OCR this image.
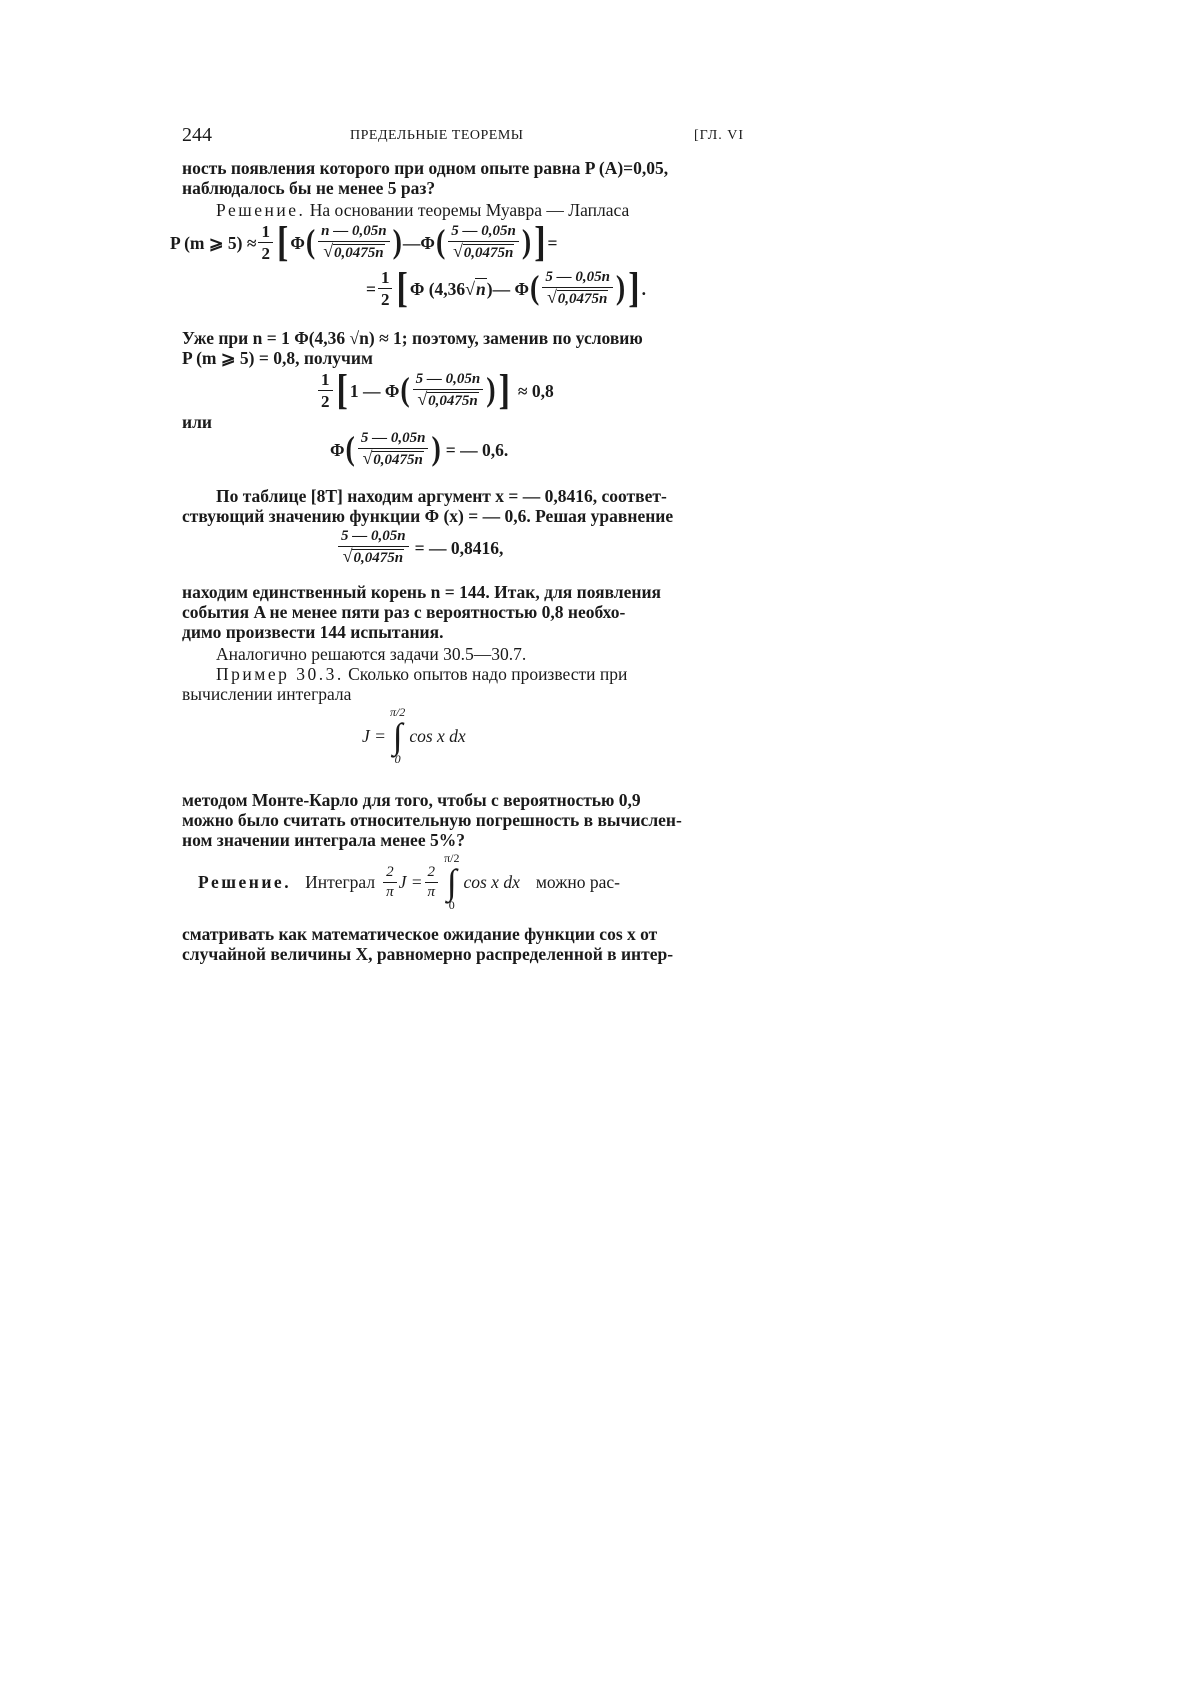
244	ПРЕДЕЛЬНЫЕ ТЕОРЕМЫ	[ГЛ. VI
ность появления которого при одном опыте равна P (A)=0,05,
наблюдалось бы не менее 5 раз?
Решение. На основании теоремы Муавра — Лапласа
P (m ⩾ $5) \approx \frac{1}{2}$ [ Φ ( $\frac{n — 0,05n}{√0,0475n}$ ) — Φ ( $\frac{5 — 0,05n}{√0,0475n}$ ) ] =
= $\frac{1}{2}$ [ Φ (4,36 √ n )— Φ ( $\frac{5 — 0,05n}{√0,0475n}$ ) ] .
Уже при n = 1 Φ(4,36 √n) ≈ 1; поэтому, заменив по условию
P (m ⩾ 5) = 0,8, получим
$\frac{1}{2}$ [ 1 — Φ ( $\frac{5 — 0,05n}{√0,0475n}$ ) ] ≈ 0,8
или
Φ ( $\frac{5 — 0,05n}{√0,0475n}$ ) = — 0,6.
По таблице [8Т] находим аргумент x = — 0,8416, соответ-
ствующий значению функции Φ (x) = — 0,6. Решая уравнение
$\frac{5 — 0,05n}{√0,0475n}$ = — 0,8416,
находим единственный корень n = 144. Итак, для появления
события A не менее пяти раз с вероятностью 0,8 необхо-
димо произвести 144 испытания.
Аналогично решаются задачи 30.5—30.7.
Пример 30.3. Сколько опытов надо произвести при
вычислении интеграла
J =
π/2
∫
0
cos x dx
методом Монте-Карло для того, чтобы с вероятностью 0,9
можно было считать относительную погрешность в вычислен-
ном значении интеграла менее 5%?
Решение. Интеграл $\frac{2}{\pi}$ $J = \frac{2}{\pi}$
π/2
∫
0
cos x dx можно рас-
сматривать как математическое ожидание функции cos x от
случайной величины X, равномерно распределенной в интер-
